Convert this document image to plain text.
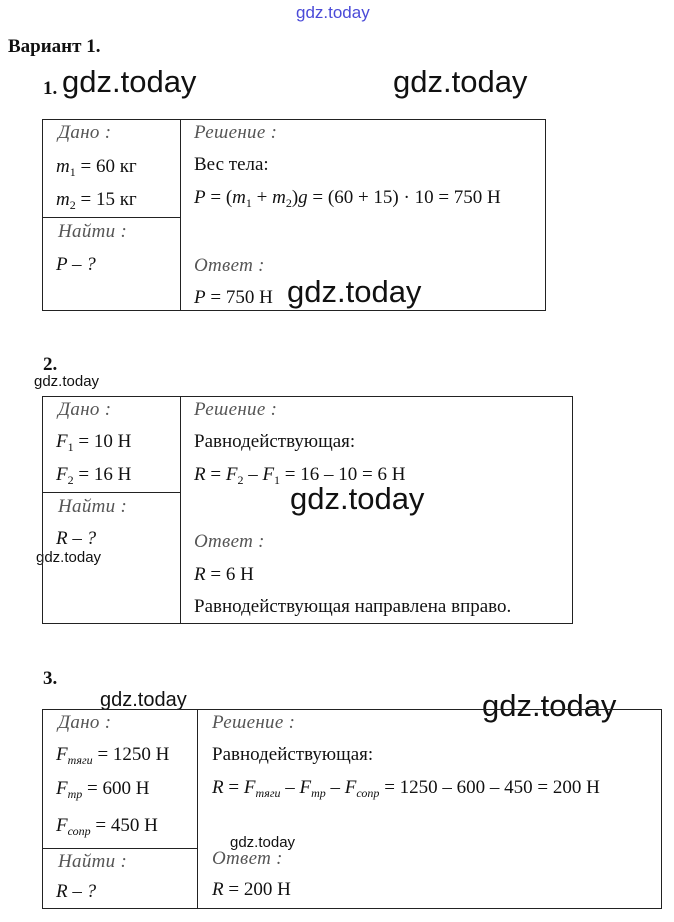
gdz.today
gdz.today	gdz.today
gdz.today
gdz.today
gdz.today
gdz.today
gdz.today	gdz.today
gdz.today
Вариант 1.
1.
Дано :
$m_1 = 60$ кг
$m_2 = 15$ кг
Найти :
P – ?
Решение :
Вес тела:
$P = (m_1 + m_2)g = (60 + 15) \cdot 10 = 750$ Н
Ответ :
P = 750 Н
2.
Дано :
$F_1 = 10$ Н
$F_2 = 16$ Н
Найти :
R – ?
Решение :
Равнодействующая:
$R = F_2 - F_1 = 16 - 10 = 6$ Н
Ответ :
R = 6 Н
Равнодействующая направлена вправо.
3.
Дано :
$F_{тяги} = 1250$ Н
$F_{тр} = 600$ Н
$F_{сопр} = 450$ Н
Найти :
R – ?
Решение :
Равнодействующая:
$R = F_{тяги} - F_{тр} - F_{сопр} = 1250 - 600 - 450 = 200$ Н
Ответ :
R = 200 Н
